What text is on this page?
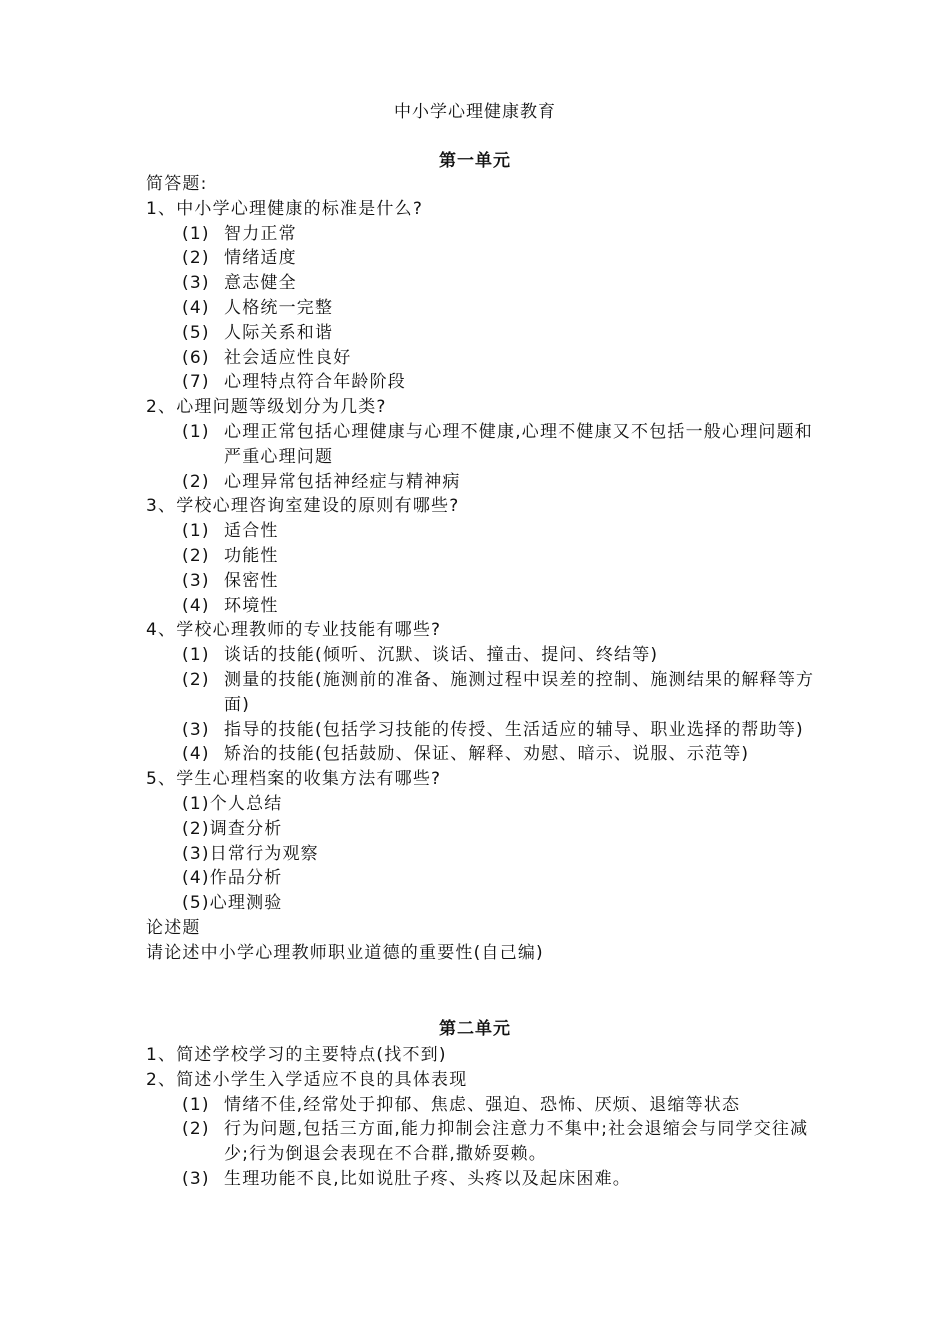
中小学心理健康教育
第一单元
简答题:
1、中小学心理健康的标准是什么?
(1) 智力正常
(2) 情绪适度
(3) 意志健全
(4) 人格统一完整
(5) 人际关系和谐
(6) 社会适应性良好
(7) 心理特点符合年龄阶段
2、心理问题等级划分为几类?
(1) 心理正常包括心理健康与心理不健康,心理不健康又不包括一般心理问题和严重心理问题
(2) 心理异常包括神经症与精神病
3、学校心理咨询室建设的原则有哪些?
(1) 适合性
(2) 功能性
(3) 保密性
(4) 环境性
4、学校心理教师的专业技能有哪些?
(1) 谈话的技能(倾听、沉默、谈话、撞击、提问、终结等)
(2) 测量的技能(施测前的准备、施测过程中误差的控制、施测结果的解释等方面)
(3) 指导的技能(包括学习技能的传授、生活适应的辅导、职业选择的帮助等)
(4) 矫治的技能(包括鼓励、保证、解释、劝慰、暗示、说服、示范等)
5、学生心理档案的收集方法有哪些?
(1) 个人总结
(2) 调查分析
(3) 日常行为观察
(4) 作品分析
(5) 心理测验
论述题
请论述中小学心理教师职业道德的重要性(自己编)
第二单元
1、简述学校学习的主要特点(找不到)
2、简述小学生入学适应不良的具体表现
(1) 情绪不佳,经常处于抑郁、焦虑、强迫、恐怖、厌烦、退缩等状态
(2) 行为问题,包括三方面,能力抑制会注意力不集中;社会退缩会与同学交往减少;行为倒退会表现在不合群,撒娇耍赖。
(3) 生理功能不良,比如说肚子疼、头疼以及起床困难。
